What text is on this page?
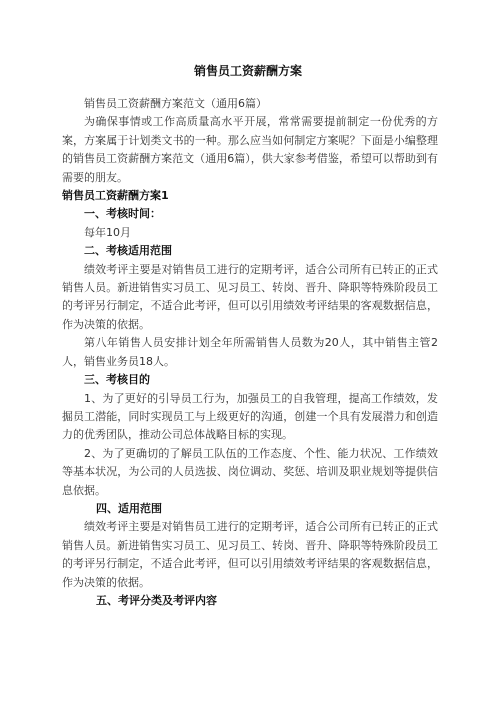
销售员工资薪酬方案

销售员工资薪酬方案范文（通用6篇）

为确保事情或工作高质量高水平开展，常常需要提前制定一份优秀的方案，方案属于计划类文书的一种。那么应当如何制定方案呢？下面是小编整理的销售员工资薪酬方案范文（通用6篇），供大家参考借鉴，希望可以帮助到有需要的朋友。

销售员工资薪酬方案1

一、考核时间：

每年10月

二、考核适用范围

绩效考评主要是对销售员工进行的定期考评，适合公司所有已转正的正式销售人员。新进销售实习员工、见习员工、转岗、晋升、降职等特殊阶段员工的考评另行制定，不适合此考评，但可以引用绩效考评结果的客观数据信息，作为决策的依据。

第八年销售人员安排计划全年所需销售人员数为20人，其中销售主管2人，销售业务员18人。

三、考核目的

1、为了更好的引导员工行为，加强员工的自我管理，提高工作绩效，发掘员工潜能，同时实现员工与上级更好的沟通，创建一个具有发展潜力和创造力的优秀团队，推动公司总体战略目标的实现。

2、为了更确切的了解员工队伍的工作态度、个性、能力状况、工作绩效等基本状况，为公司的人员选拔、岗位调动、奖惩、培训及职业规划等提供信息依据。

四、适用范围

绩效考评主要是对销售员工进行的定期考评，适合公司所有已转正的正式销售人员。新进销售实习员工、见习员工、转岗、晋升、降职等特殊阶段员工的考评另行制定，不适合此考评，但可以引用绩效考评结果的客观数据信息，作为决策的依据。

五、考评分类及考评内容
